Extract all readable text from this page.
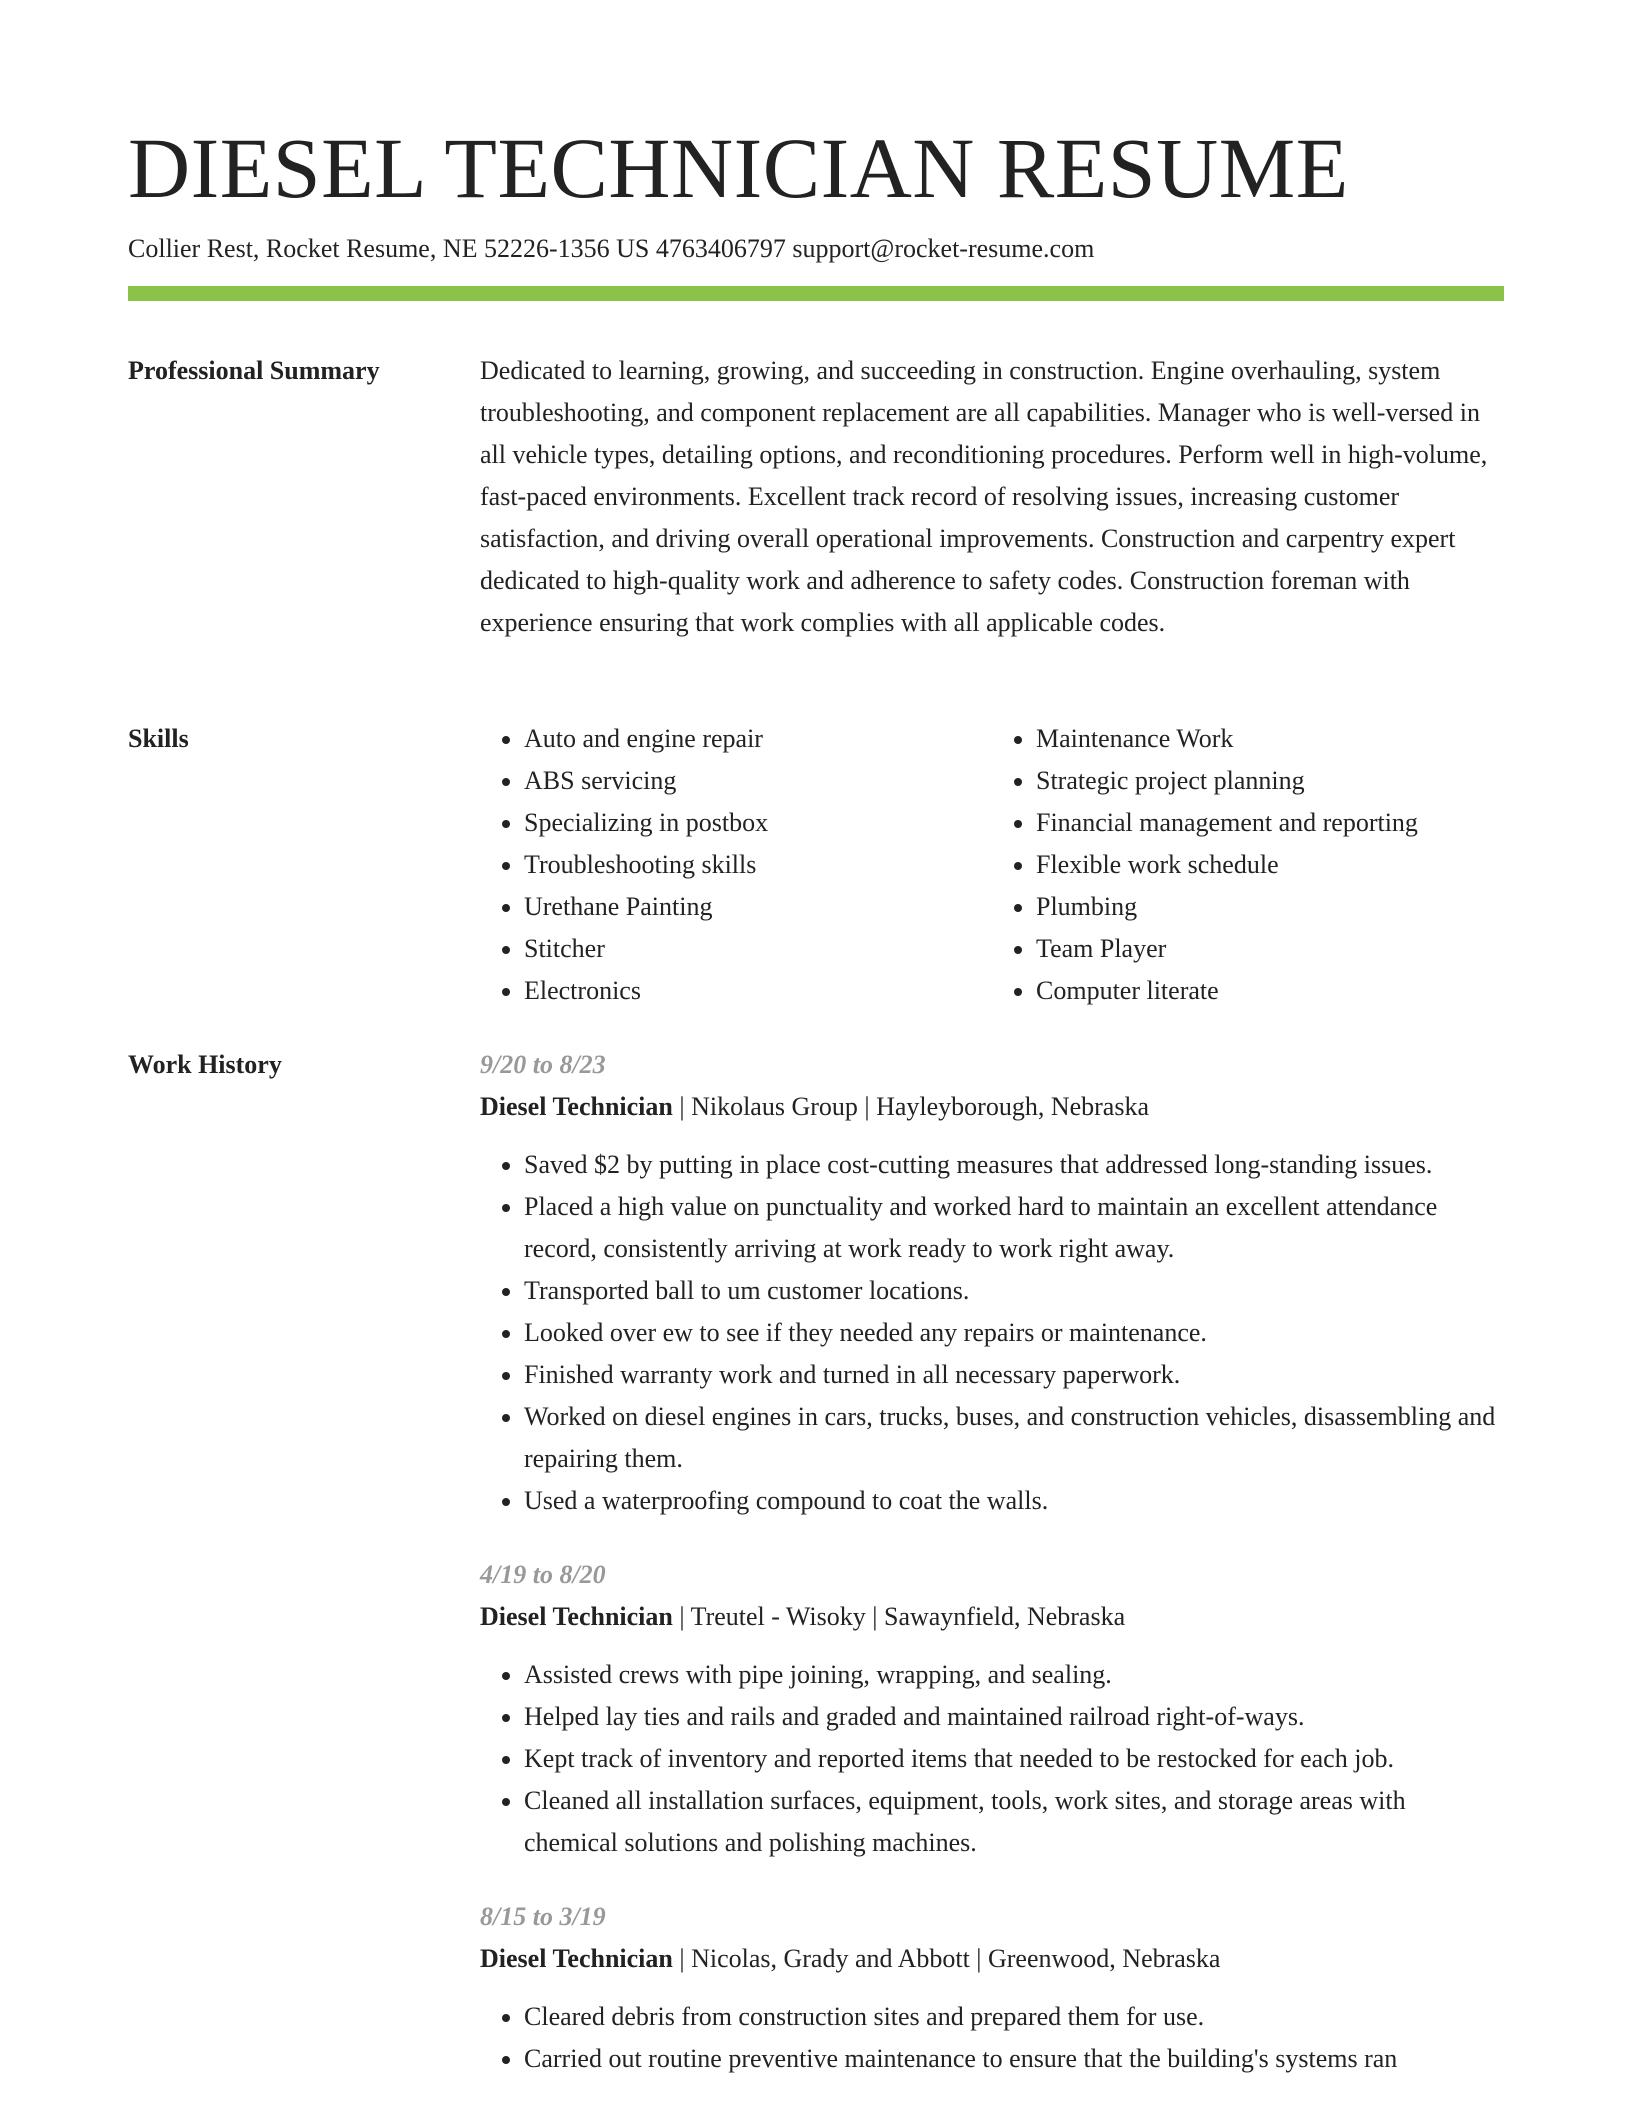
DIESEL TECHNICIAN RESUME
Collier Rest, Rocket Resume, NE 52226-1356 US 4763406797 support@rocket-resume.com
Professional Summary	Dedicated to learning, growing, and succeeding in construction. Engine overhauling, system troubleshooting, and component replacement are all capabilities. Manager who is well-versed in all vehicle types, detailing options, and reconditioning procedures. Perform well in high-volume, fast-paced environments. Excellent track record of resolving issues, increasing customer satisfaction, and driving overall operational improvements. Construction and carpentry expert dedicated to high-quality work and adherence to safety codes. Construction foreman with experience ensuring that work complies with all applicable codes.

Skills
•	Auto and engine repair
• ABS servicing
• Specializing in postbox
• Troubleshooting skills
• Urethane Painting
• Stitcher
• Electronics
• Maintenance Work
• Strategic project planning
• Financial management and reporting
• Flexible work schedule
• Plumbing
• Team Player
• Computer literate
Work History	9/20 to 8/23
Diesel Technician | Nikolaus Group | Hayleyborough, Nebraska
• Saved $2 by putting in place cost-cutting measures that addressed long-standing issues.
• Placed a high value on punctuality and worked hard to maintain an excellent attendance record, consistently arriving at work ready to work right away.
• Transported ball to um customer locations.
• Looked over ew to see if they needed any repairs or maintenance.
• Finished warranty work and turned in all necessary paperwork.
• Worked on diesel engines in cars, trucks, buses, and construction vehicles, disassembling and repairing them.
• Used a waterproofing compound to coat the walls.
4/19 to 8/20
Diesel Technician | Treutel - Wisoky | Sawaynfield, Nebraska
• Assisted crews with pipe joining, wrapping, and sealing.
• Helped lay ties and rails and graded and maintained railroad right-of-ways.
• Kept track of inventory and reported items that needed to be restocked for each job.
• Cleaned all installation surfaces, equipment, tools, work sites, and storage areas with chemical solutions and polishing machines.
8/15 to 3/19
Diesel Technician | Nicolas, Grady and Abbott | Greenwood, Nebraska
• Cleared debris from construction sites and prepared them for use.
• Carried out routine preventive maintenance to ensure that the building's systems ran
